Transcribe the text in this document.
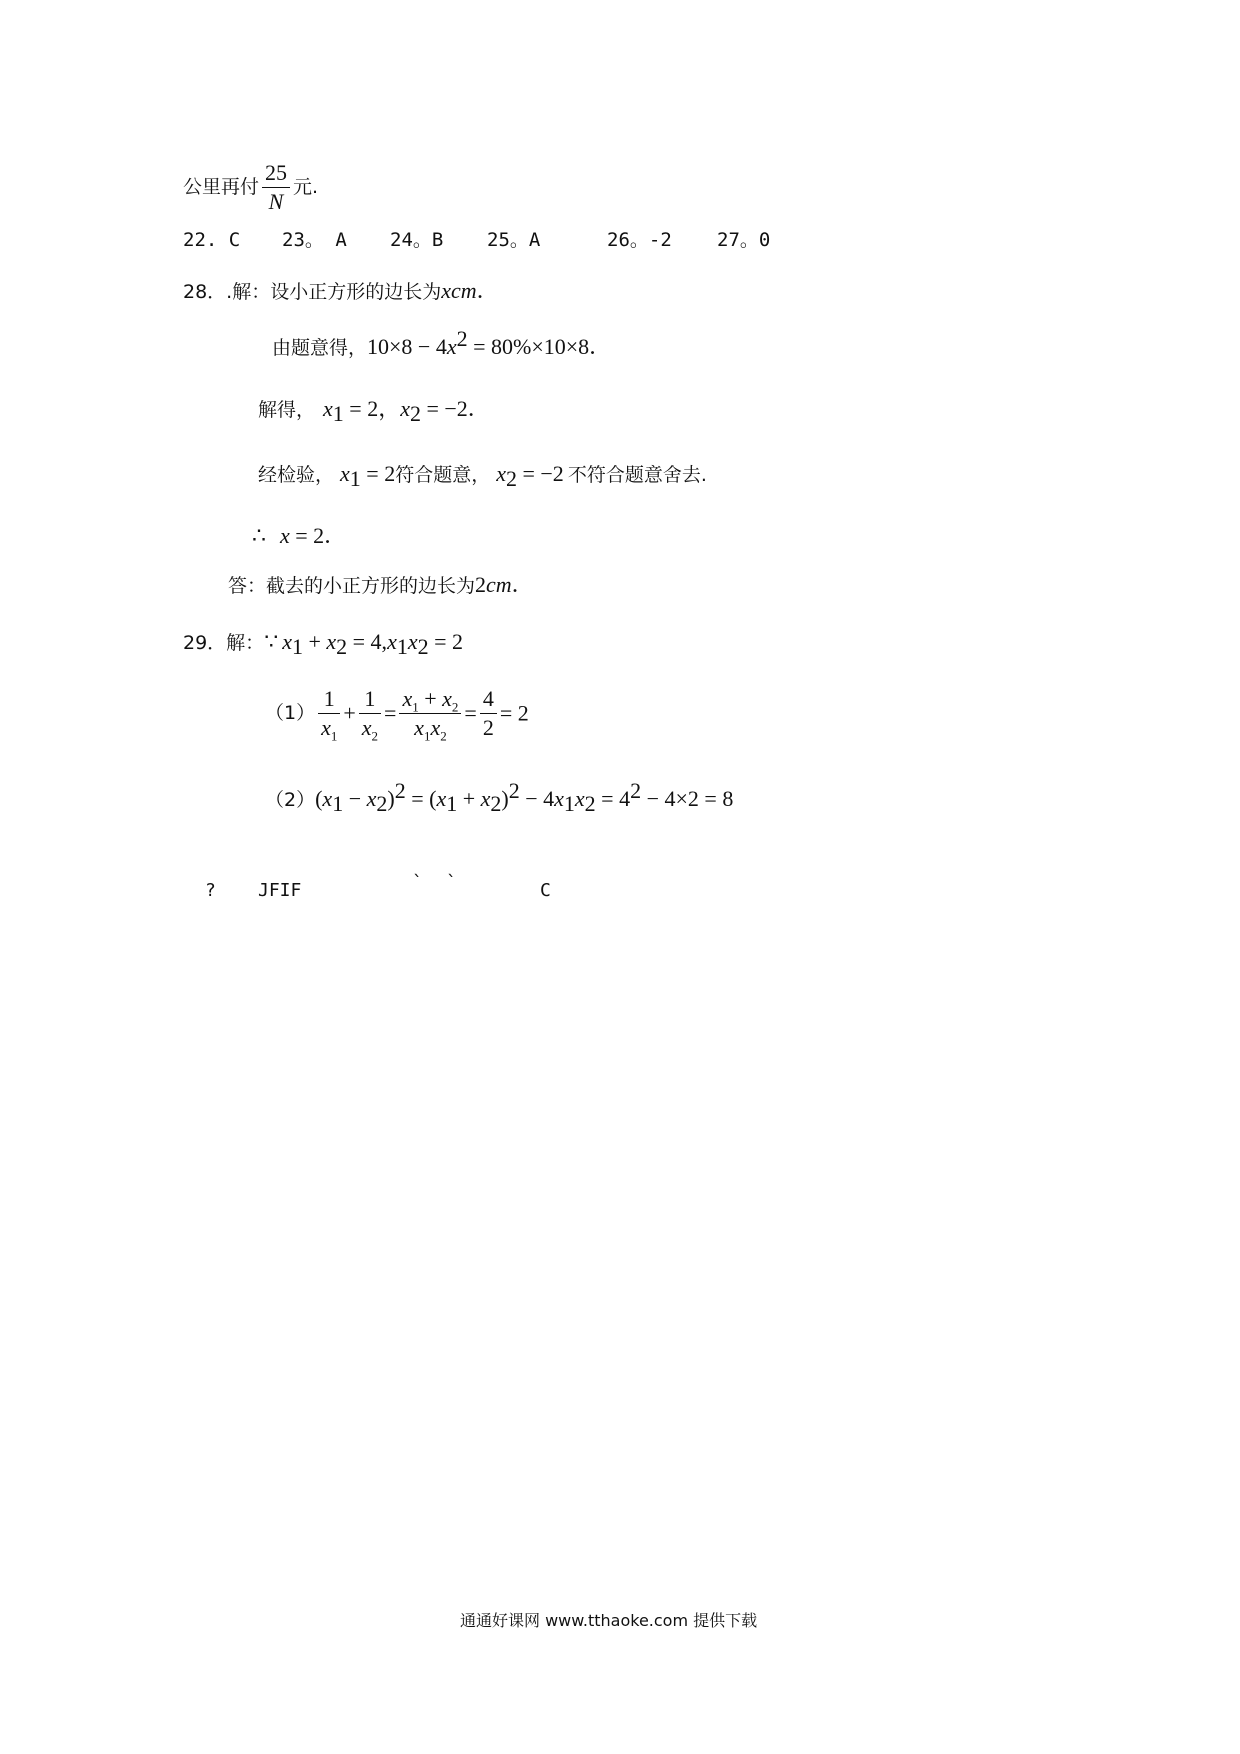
公里再付 $\frac{25}{N}$ 元.
22. C 23。 A 24。B 25。A	26。-2 27。0
28．.解：设小正方形的边长为xcm．
由题意得，$10\times 8 - 4x^2 = 80\%\times 10\times 8$．
解得， $x_1 = 2$，$x_2 = -2$．
经检验， $x_1 = 2$符合题意， $x_2 = -2$ 不符合题意舍去.
∴ x = 2．
答：截去的小正方形的边长为2cm．
29．解：∵ $x_1 + x_2 = 4,x_1x_2 = 2$
$(1) \frac{1}{x_1} + \frac{1}{x_2} = \frac{x_1 + x_2}{x_1x_2} = \frac{4}{2} = 2$
$(2)(x_1 - x_2)^2 = (x_1 + x_2)^2 - 4x_1x_2 = 4^2 - 4\times 2 = 8$
? JFIF	` `	C
通通好课网 www.tthaoke.com 提供下载
